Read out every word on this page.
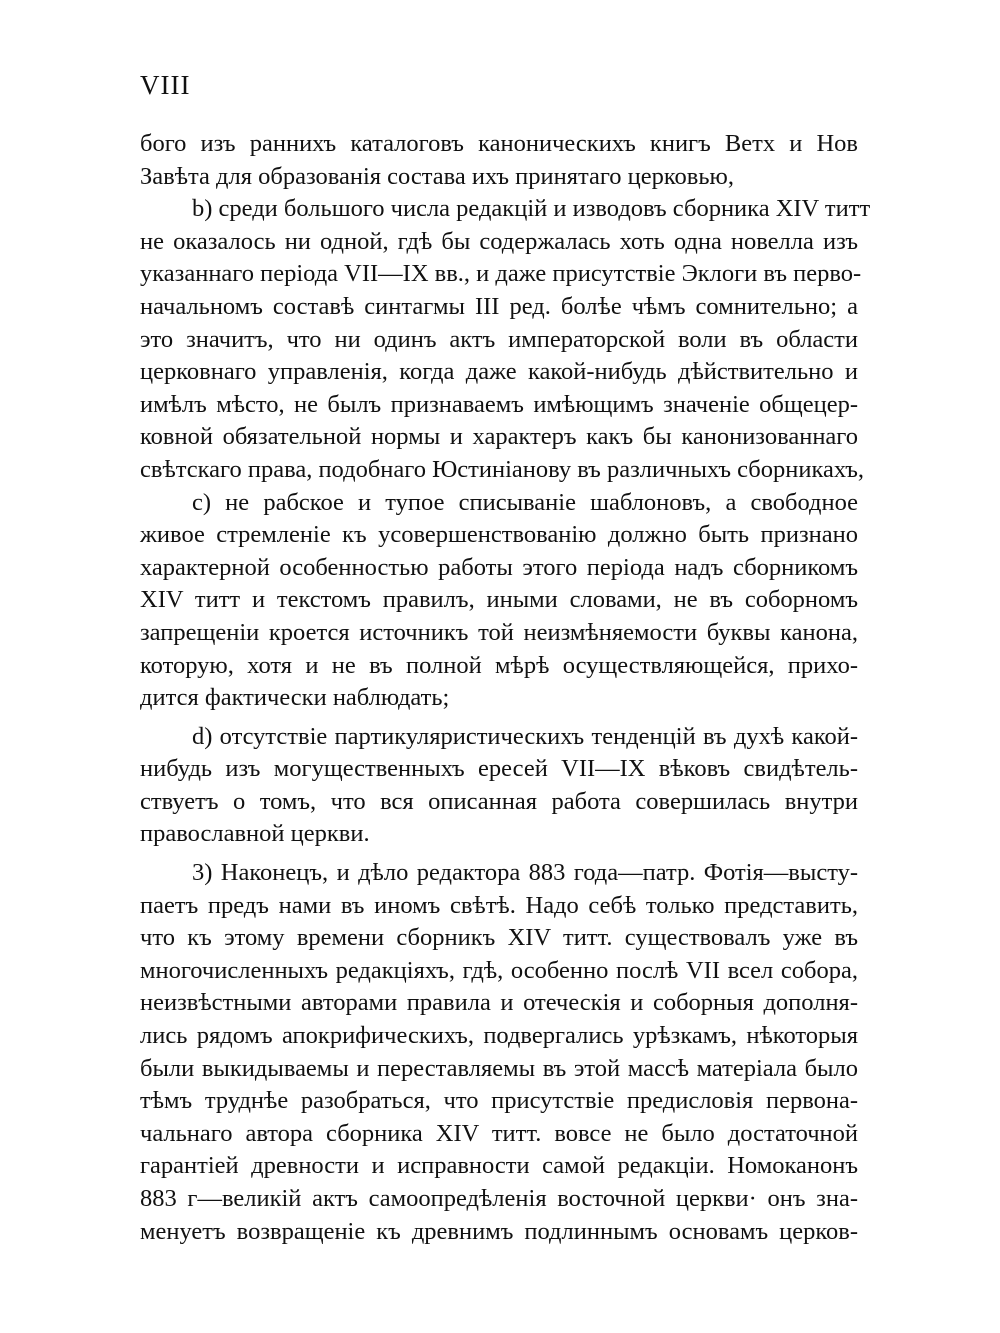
VIII
бого изъ раннихъ каталоговъ каноническихъ книгъ Ветх и Нов
Завѣта для образованія состава ихъ принятаго церковью,
b) среди большого числа редакцій и изводовъ сборника XIV титт
не оказалось ни одной, гдѣ бы содержалась хоть одна новелла изъ
указаннаго періода VII—IX вв., и даже присутствіе Эклоги въ перво-
начальномъ составѣ синтагмы III ред. болѣе чѣмъ сомнительно; а
это значитъ, что ни одинъ актъ императорской воли въ области
церковнаго управленія, когда даже какой-нибудь дѣйствительно и
имѣлъ мѣсто, не былъ признаваемъ имѣющимъ значеніе общецер-
ковной обязательной нормы и характеръ какъ бы канонизованнаго
свѣтскаго права, подобнаго Юстиніанову въ различныхъ сборникахъ,
c) не рабское и тупое списываніе шаблоновъ, а свободное
живое стремленіе къ усовершенствованію должно быть признано
характерной особенностью работы этого періода надъ сборникомъ
XIV титт и текстомъ правилъ, иными словами, не въ соборномъ
запрещеніи кроется источникъ той неизмѣняемости буквы канона,
которую, хотя и не въ полной мѣрѣ осуществляющейся, прихо-
дится фактически наблюдать;
d) отсутствіе партикуляристическихъ тенденцій въ духѣ какой-
нибудь изъ могущественныхъ ересей VII—IX вѣковъ свидѣтель-
ствуетъ о томъ, что вся описанная работа совершилась внутри
православной церкви.
3) Наконецъ, и дѣло редактора 883 года—патр. Фотія—высту-
паетъ предъ нами въ иномъ свѣтѣ. Надо себѣ только представить,
что къ этому времени сборникъ XIV титт. существовалъ уже въ
многочисленныхъ редакціяхъ, гдѣ, особенно послѣ VII всел собора,
неизвѣстными авторами правила и отеческія и соборныя дополня-
лись рядомъ апокрифическихъ, подвергались урѣзкамъ, нѣкоторыя
были выкидываемы и переставляемы въ этой массѣ матеріала было
тѣмъ труднѣе разобраться, что присутствіе предисловія первона-
чальнаго автора сборника XIV титт. вовсе не было достаточной
гарантіей древности и исправности самой редакціи. Номоканонъ
883 г—великій актъ самоопредѣленія восточной церкви· онъ зна-
менуетъ возвращеніе къ древнимъ подлиннымъ основамъ церков-
